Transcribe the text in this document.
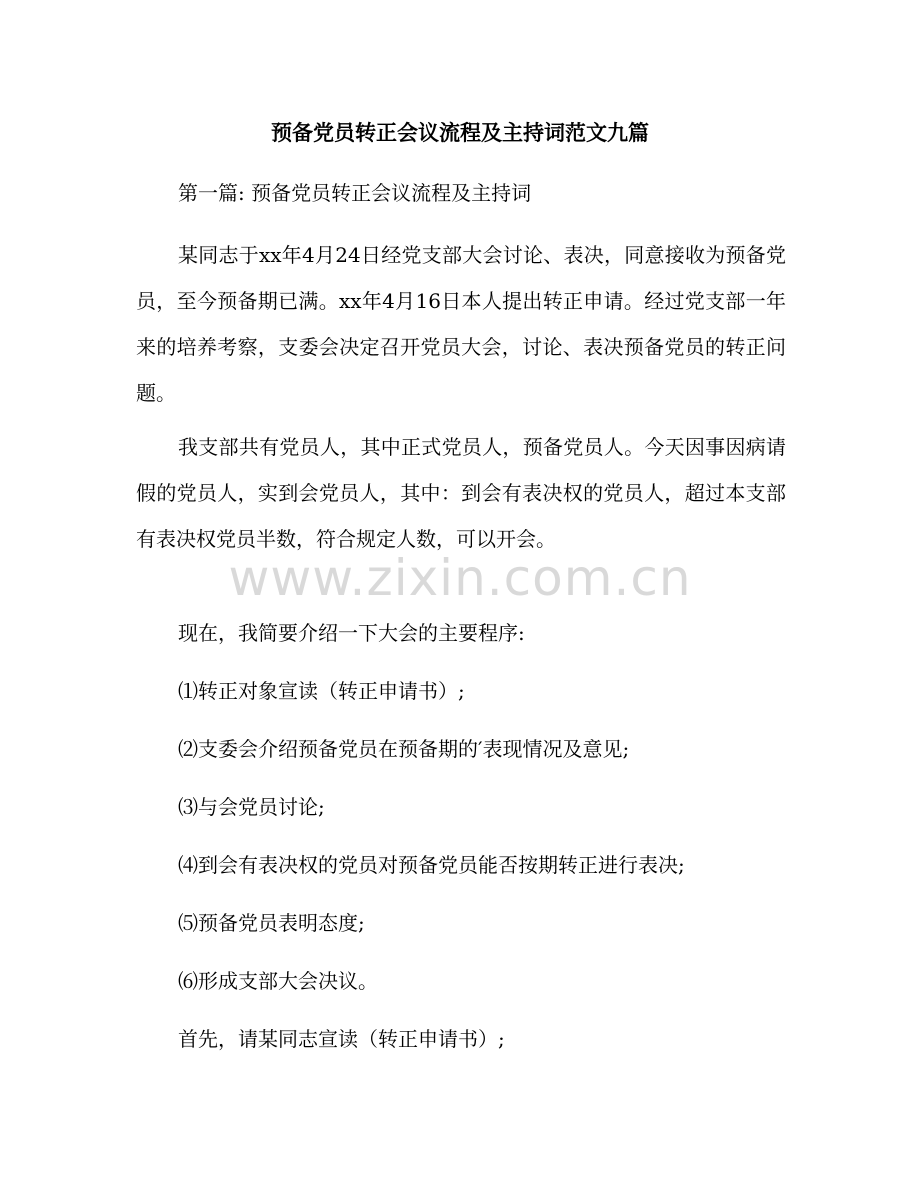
预备党员转正会议流程及主持词范文九篇
第一篇: 预备党员转正会议流程及主持词
某同志于xx年4月24日经党支部大会讨论、表决，同意接收为预备党员，至今预备期已满。xx年4月16日本人提出转正申请。经过党支部一年来的培养考察，支委会决定召开党员大会，讨论、表决预备党员的转正问题。
我支部共有党员人，其中正式党员人，预备党员人。今天因事因病请假的党员人，实到会党员人，其中：到会有表决权的党员人，超过本支部有表决权党员半数，符合规定人数，可以开会。
现在，我简要介绍一下大会的主要程序:
⑴转正对象宣读（转正申请书）;
⑵支委会介绍预备党员在预备期的′表现情况及意见;
⑶与会党员讨论;
⑷到会有表决权的党员对预备党员能否按期转正进行表决;
⑸预备党员表明态度;
⑹形成支部大会决议。
首先，请某同志宣读（转正申请书）;
www.zixin.com.cn
